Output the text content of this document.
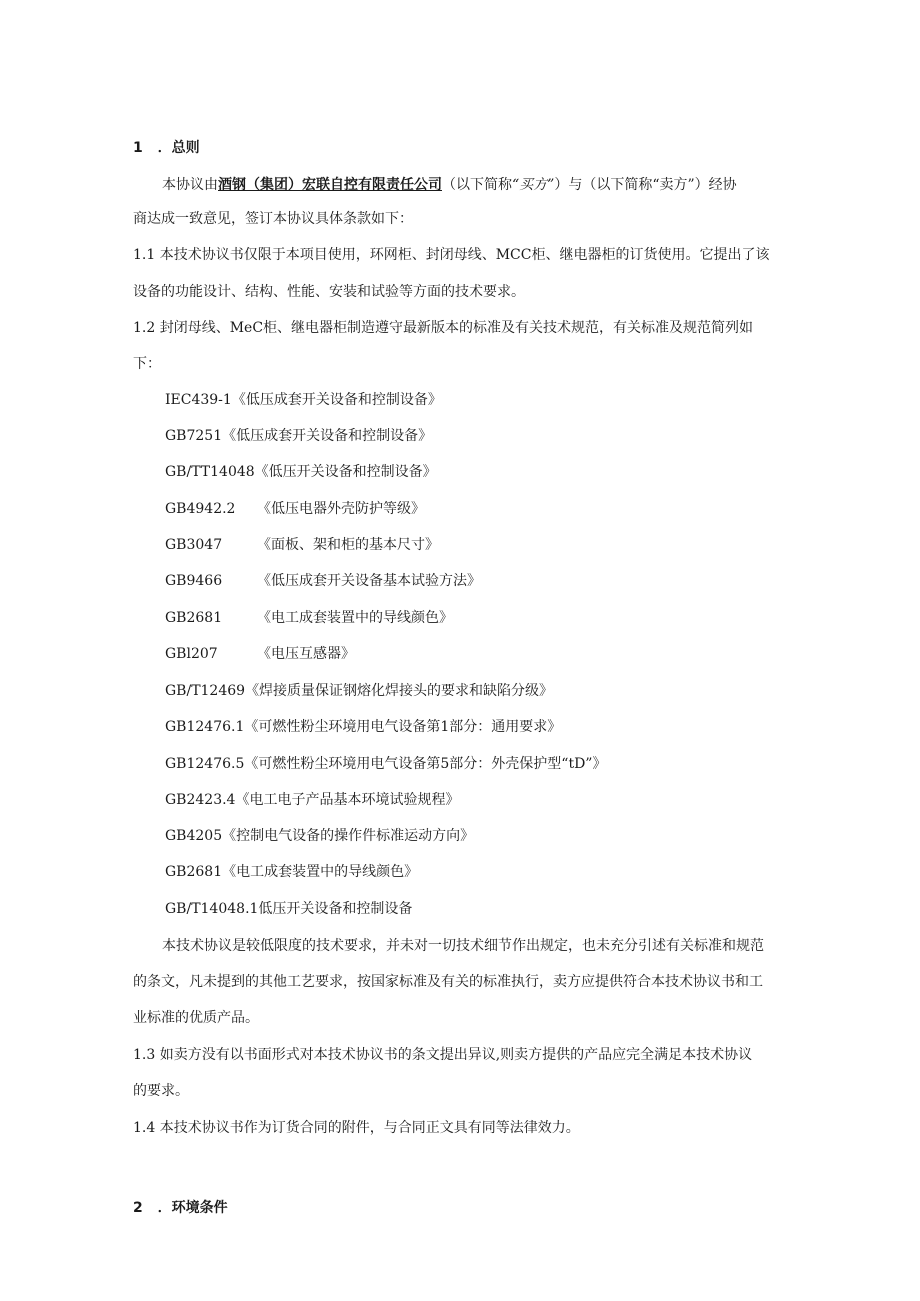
1 ．总则
本协议由酒钢（集团）宏联自控有限责任公司（以下简称“买方”）与（以下简称“卖方”）经协
商达成一致意见，签订本协议具体条款如下：
1.1 本技术协议书仅限于本项目使用，环网柜、封闭母线、MCC柜、继电器柜的订货使用。它提出了该
设备的功能设计、结构、性能、安装和试验等方面的技术要求。
1.2 封闭母线、MeC柜、继电器柜制造遵守最新版本的标准及有关技术规范，有关标准及规范简列如
下：
IEC439-1《低压成套开关设备和控制设备》
GB7251《低压成套开关设备和控制设备》
GB/TT14048《低压开关设备和控制设备》
GB4942.2 《低压电器外壳防护等级》
GB3047 《面板、架和柜的基本尺寸》
GB9466 《低压成套开关设备基本试验方法》
GB2681 《电工成套装置中的导线颜色》
GBl207	《电压互感器》
GB/T12469《焊接质量保证钢熔化焊接头的要求和缺陷分级》
GB12476.1《可燃性粉尘环境用电气设备第1部分：通用要求》
GB12476.5《可燃性粉尘环境用电气设备第5部分：外壳保护型“tD”》
GB2423.4《电工电子产品基本环境试验规程》
GB4205《控制电气设备的操作件标准运动方向》
GB2681《电工成套装置中的导线颜色》
GB/T14048.1低压开关设备和控制设备
本技术协议是较低限度的技术要求，并未对一切技术细节作出规定，也未充分引述有关标准和规范
的条文，凡未提到的其他工艺要求，按国家标准及有关的标准执行，卖方应提供符合本技术协议书和工
业标准的优质产品。
1.3 如卖方没有以书面形式对本技术协议书的条文提出异议,则卖方提供的产品应完全满足本技术协议
的要求。
1.4 本技术协议书作为订货合同的附件，与合同正文具有同等法律效力。
2 ．环境条件
